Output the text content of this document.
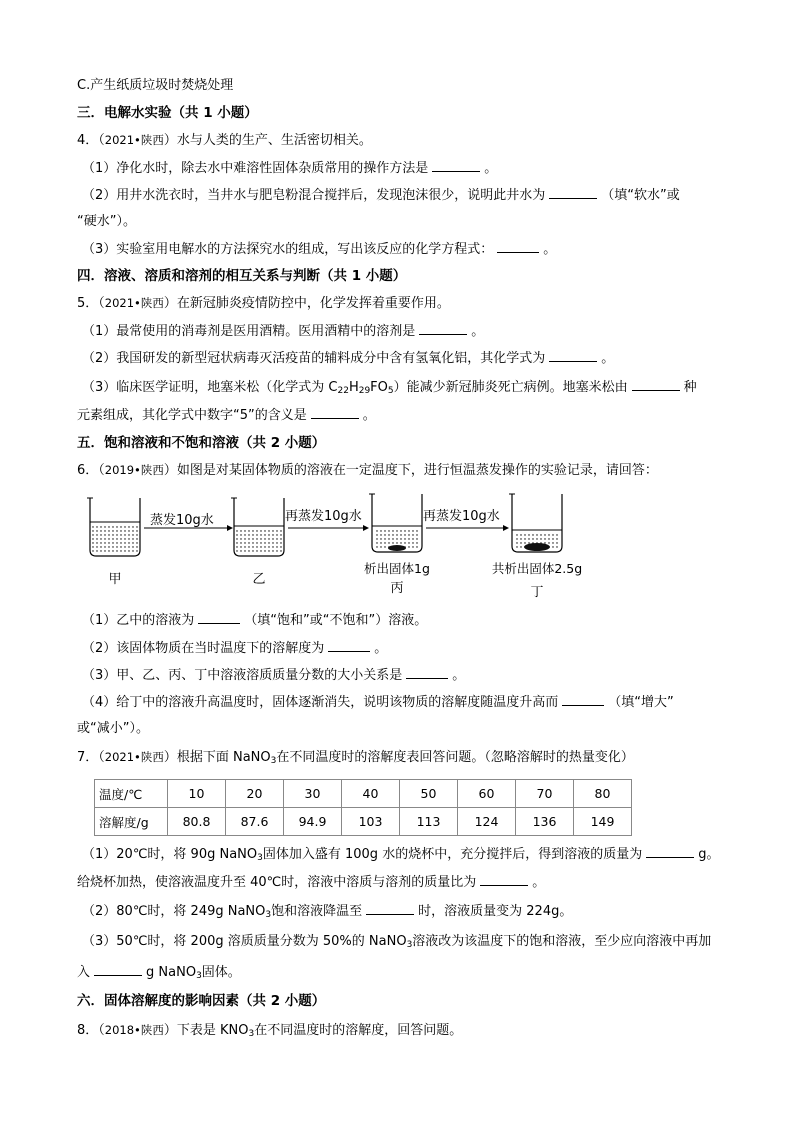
C.产生纸质垃圾时焚烧处理
三．电解水实验（共 1 小题）
4．（2021•陕西）水与人类的生产、生活密切相关。
（1）净化水时，除去水中难溶性固体杂质常用的操作方法是	。
（2）用井水洗衣时，当井水与肥皂粉混合搅拌后，发现泡沫很少，说明此井水为	（填“软水”或
“硬水”）。
（3）实验室用电解水的方法探究水的组成，写出该反应的化学方程式：	。
四．溶液、溶质和溶剂的相互关系与判断（共 1 小题）
5．（2021•陕西）在新冠肺炎疫情防控中，化学发挥着重要作用。
（1）最常使用的消毒剂是医用酒精。医用酒精中的溶剂是	。
（2）我国研发的新型冠状病毒灭活疫苗的辅料成分中含有氢氧化铝，其化学式为	。
（3）临床医学证明，地塞米松（化学式为 $C_{22}H_{29}FO_5$）能减少新冠肺炎死亡病例。地塞米松由	种
元素组成，其化学式中数字“5”的含义是	。
五．饱和溶液和不饱和溶液（共 2 小题）
6．（2019•陕西）如图是对某固体物质的溶液在一定温度下，进行恒温蒸发操作的实验记录，请回答：
蒸发10g水	再蒸发10g水	再蒸发10g水
甲	乙
析出固体1g
丙
共析出固体2.5g
丁
（1）乙中的溶液为	（填“饱和”或“不饱和”）溶液。
（2）该固体物质在当时温度下的溶解度为	。
（3）甲、乙、丙、丁中溶液溶质质量分数的大小关系是	。
（4）给丁中的溶液升高温度时，固体逐渐消失，说明该物质的溶解度随温度升高而	（填“增大”
或“减小”）。
7．（2021•陕西）根据下面 NaNO$_3$在不同温度时的溶解度表回答问题。（忽略溶解时的热量变化）
温度/℃	10	20	30	40	50	60	70	80
溶解度/g	80.8	87.6	94.9	103	113	124	136	149
（1）20℃时，将 90g NaNO$_3$固体加入盛有 100g 水的烧杯中，充分搅拌后，得到溶液的质量为	g。
给烧杯加热，使溶液温度升至 40℃时，溶液中溶质与溶剂的质量比为	。
（2）80℃时，将 249g NaNO$_3$饱和溶液降温至	时，溶液质量变为 224g。
（3）50℃时，将 200g 溶质质量分数为 50%的 NaNO$_3$溶液改为该温度下的饱和溶液，至少应向溶液中再加
入	g NaNO$_3$固体。
六．固体溶解度的影响因素（共 2 小题）
8．（2018•陕西）下表是 $KNO_3$在不同温度时的溶解度，回答问题。
